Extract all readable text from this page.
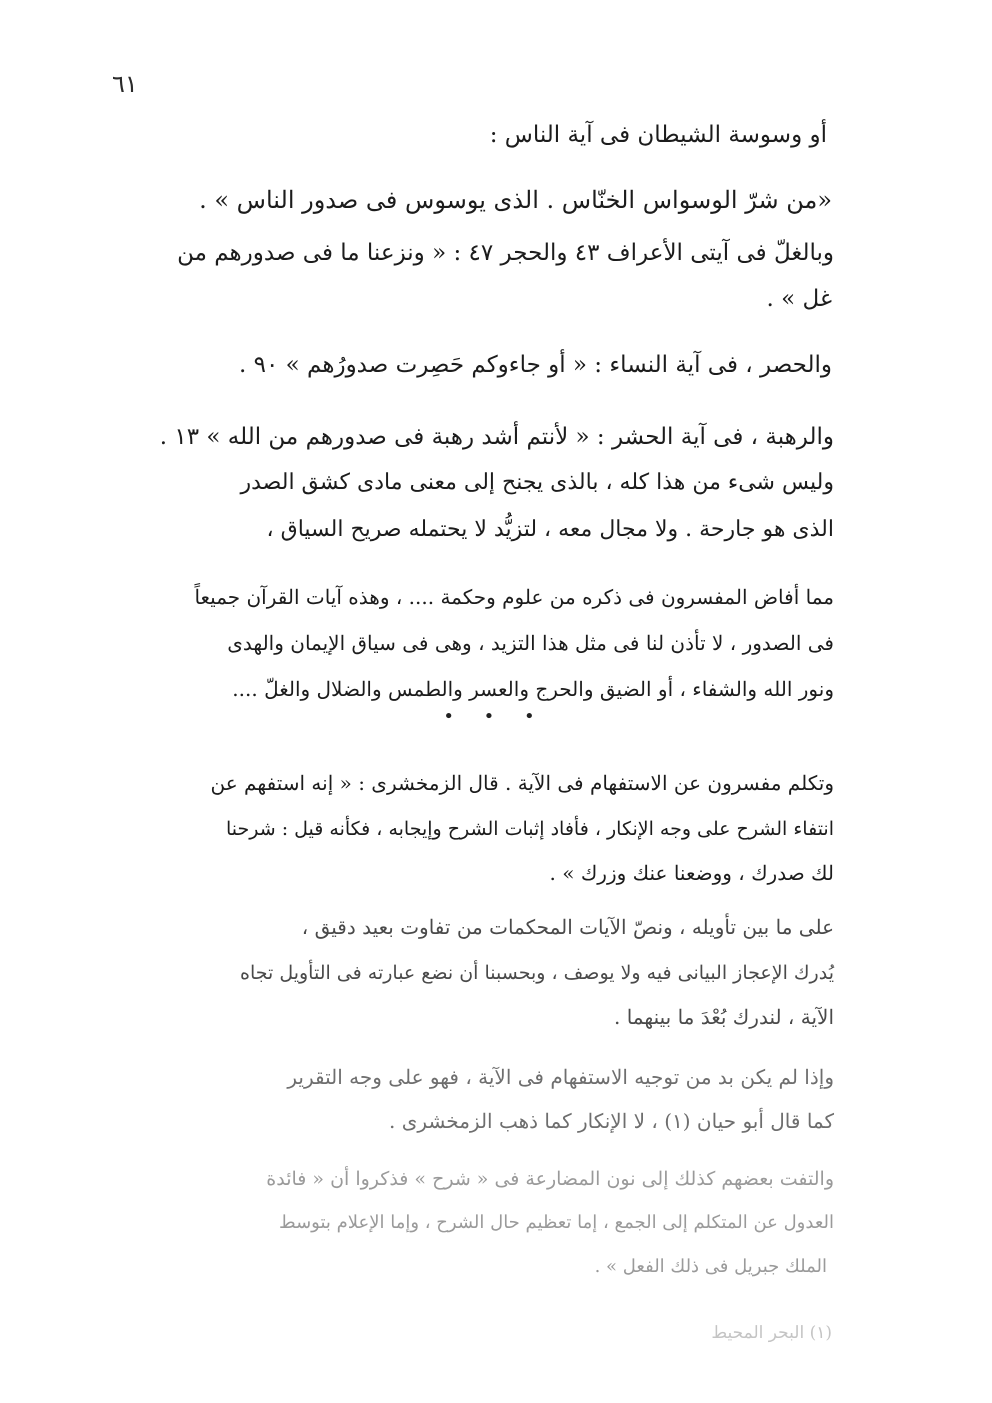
٦١
أو وسوسة الشيطان فى آية الناس :
«من شرّ الوسواس الخنّاس . الذى يوسوس فى صدور الناس » .
وبالغلّ فى آيتى الأعراف ٤٣ والحجر ٤٧ : « ونزعنا ما فى صدورهم من
غل » .
والحصر ، فى آية النساء : « أو جاءوكم حَصِرت صدورُهم » ٩٠ .
والرهبة ، فى آية الحشر : « لأنتم أشد رهبة فى صدورهم من الله » ١٣ .
وليس شىء من هذا كله ، بالذى يجنح إلى معنى مادى كشق الصدر
الذى هو جارحة . ولا مجال معه ، لتزيُّد لا يحتمله صريح السياق ،
مما أفاض المفسرون فى ذكره من علوم وحكمة .... ، وهذه آيات القرآن جميعاً
فى الصدور ، لا تأذن لنا فى مثل هذا التزيد ، وهى فى سياق الإيمان والهدى
ونور الله والشفاء ، أو الضيق والحرج والعسر والطمس والضلال والغلّ ....
• • •
وتكلم مفسرون عن الاستفهام فى الآية . قال الزمخشرى : « إنه استفهم عن
انتفاء الشرح على وجه الإنكار ، فأفاد إثبات الشرح وإيجابه ، فكأنه قيل : شرحنا
لك صدرك ، ووضعنا عنك وزرك » .
على ما بين تأويله ، ونصّ الآيات المحكمات من تفاوت بعيد دقيق ،
يُدرك الإعجاز البيانى فيه ولا يوصف ، وبحسبنا أن نضع عبارته فى التأويل تجاه
الآية ، لندرك بُعْدَ ما بينهما .
وإذا لم يكن بد من توجيه الاستفهام فى الآية ، فهو على وجه التقرير
كما قال أبو حيان (١) ، لا الإنكار كما ذهب الزمخشرى .
والتفت بعضهم كذلك إلى نون المضارعة فى « شرح » فذكروا أن « فائدة
العدول عن المتكلم إلى الجمع ، إما تعظيم حال الشرح ، وإما الإعلام بتوسط
الملك جبريل فى ذلك الفعل » .
(١) البحر المحيط
